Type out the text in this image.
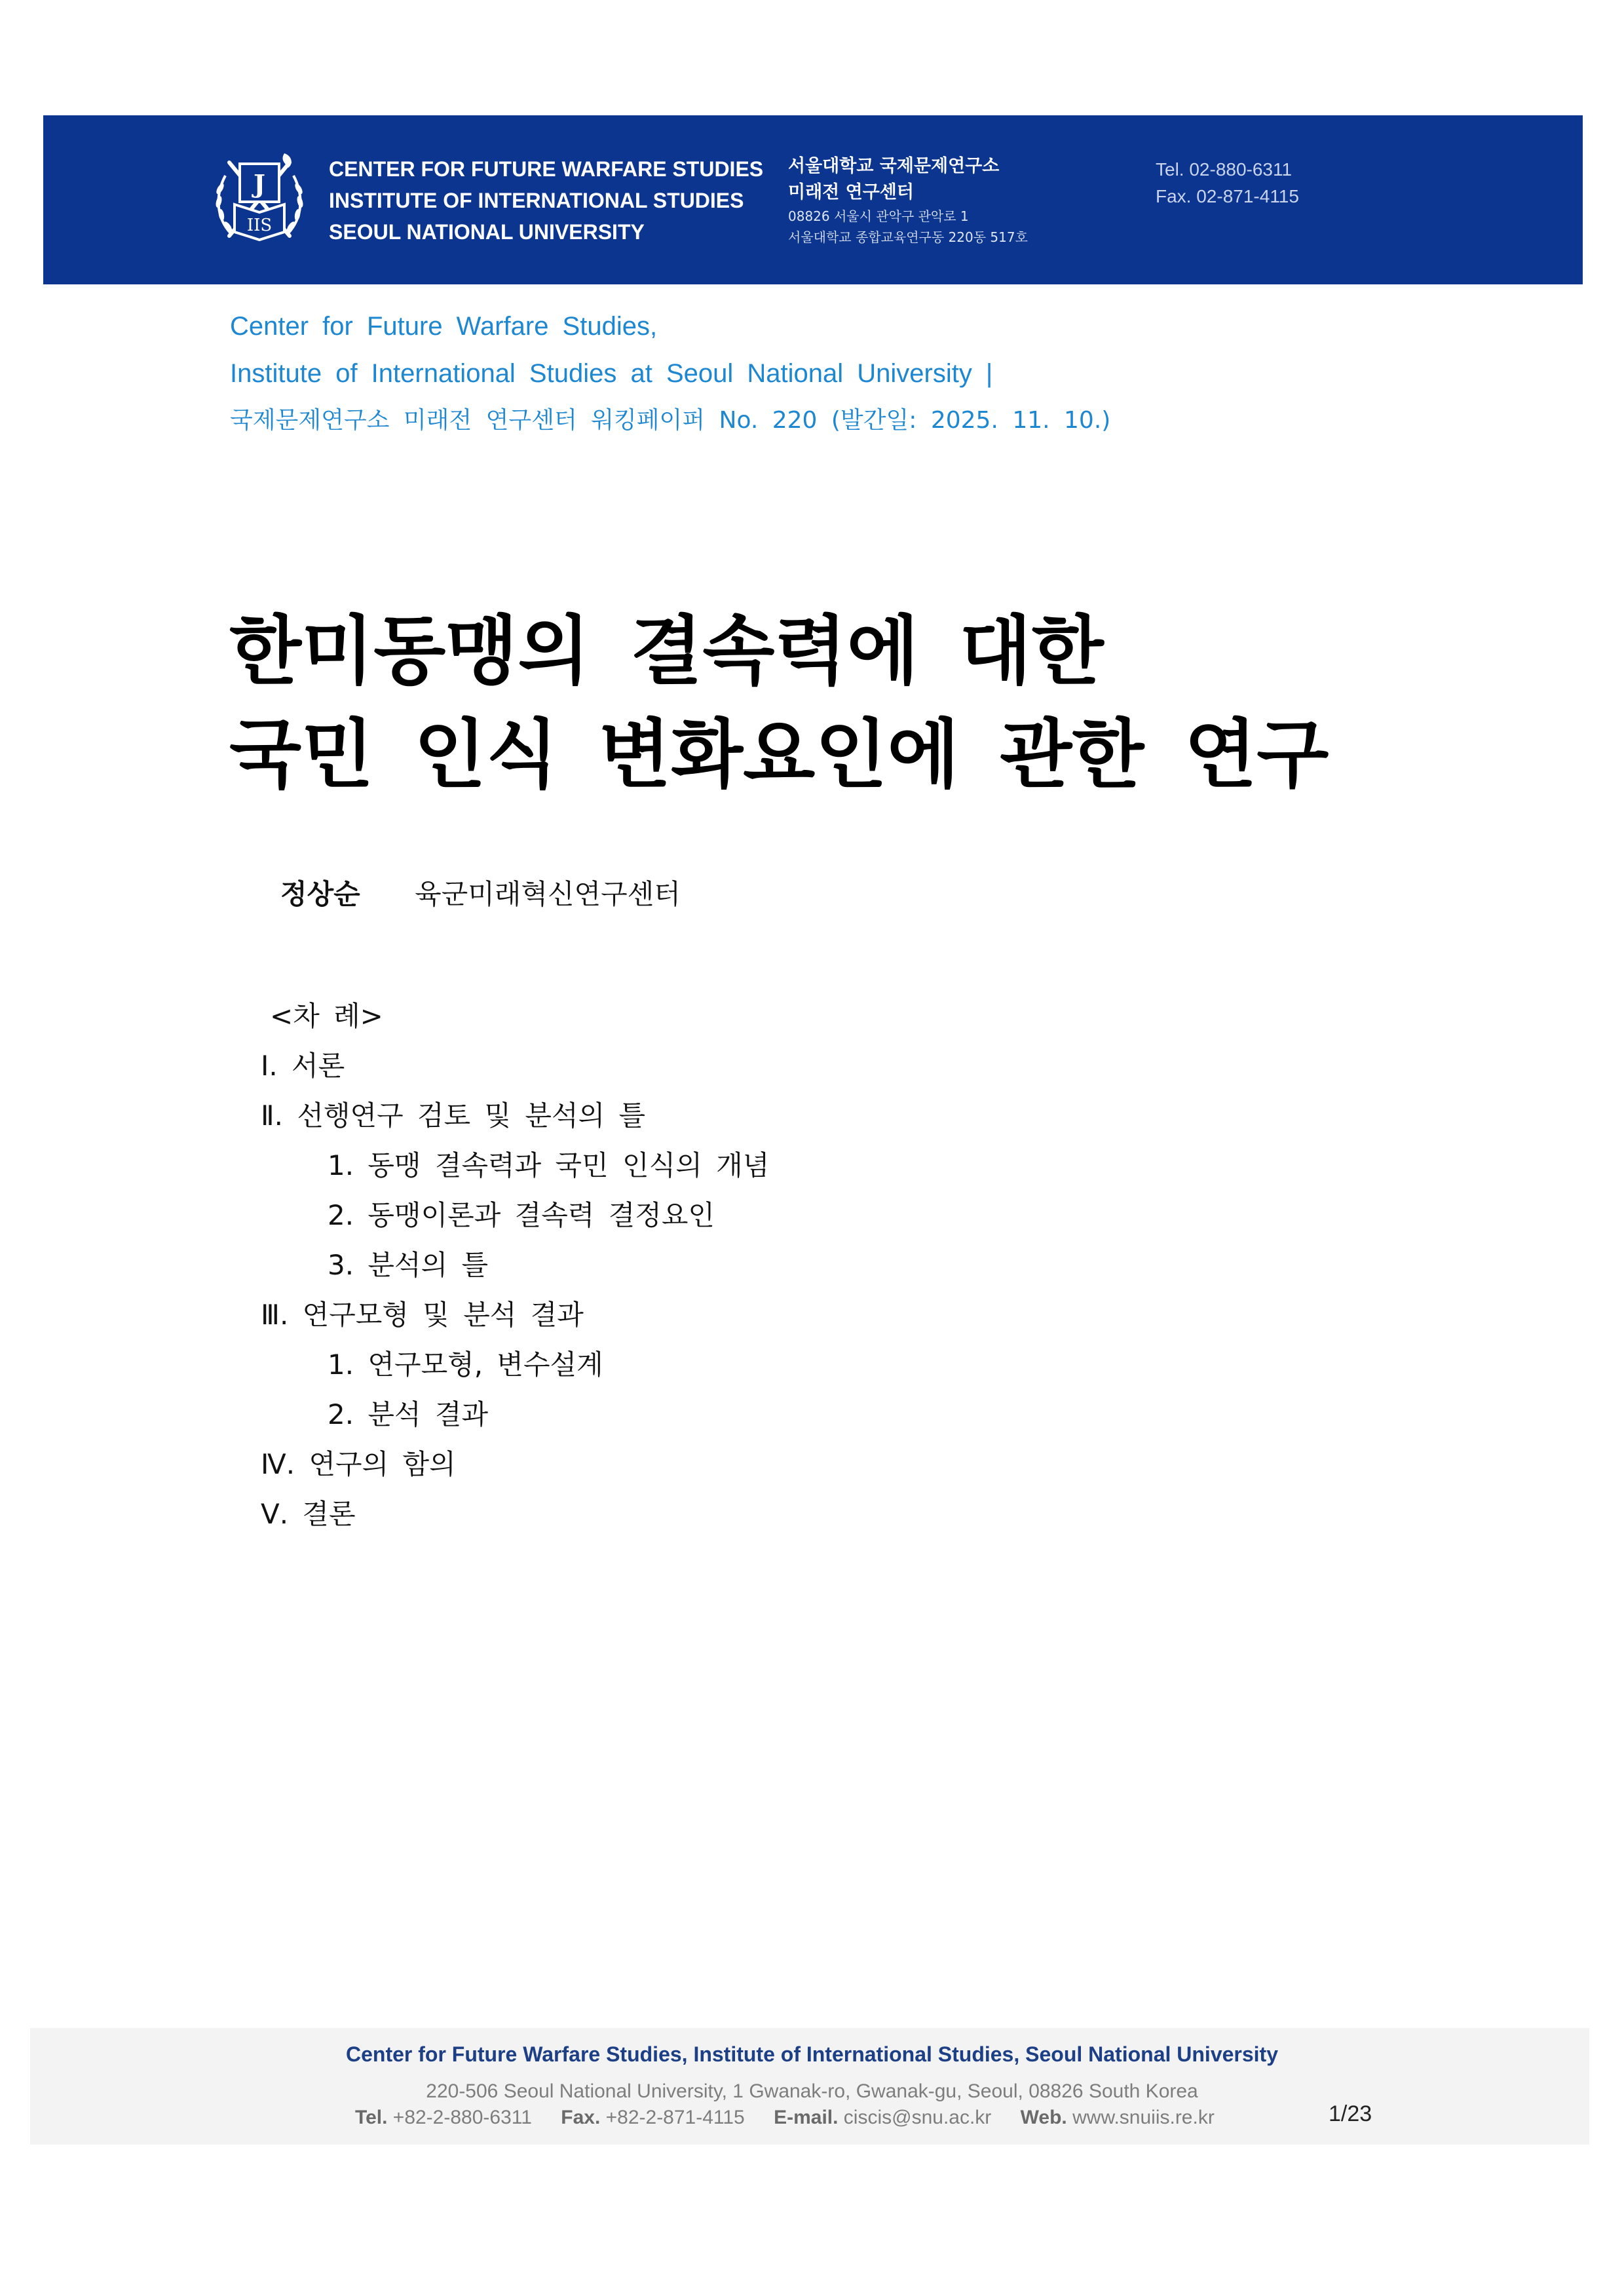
J
IIS
CENTER FOR FUTURE WARFARE STUDIES
INSTITUTE OF INTERNATIONAL STUDIES
SEOUL NATIONAL UNIVERSITY
서울대학교 국제문제연구소
미래전 연구센터
08826 서울시 관악구 관악로 1
서울대학교 종합교육연구동 220동 517호
Tel. 02-880-6311
Fax. 02-871-4115
Center for Future Warfare Studies,
Institute of International Studies at Seoul National University |
국제문제연구소 미래전 연구센터 워킹페이퍼 No. 220 (발간일: 2025. 11. 10.)
한미동맹의 결속력에 대한
국민 인식 변화요인에 관한 연구
정상순 육군미래혁신연구센터
<차 례>
Ⅰ. 서론
Ⅱ. 선행연구 검토 및 분석의 틀
1. 동맹 결속력과 국민 인식의 개념
2. 동맹이론과 결속력 결정요인
3. 분석의 틀
Ⅲ. 연구모형 및 분석 결과
1. 연구모형, 변수설계
2. 분석 결과
Ⅳ. 연구의 함의
Ⅴ. 결론
Center for Future Warfare Studies, Institute of International Studies, Seoul National University
220-506 Seoul National University, 1 Gwanak-ro, Gwanak-gu, Seoul, 08826 South Korea
Tel. +82-2-880-6311 Fax. +82-2-871-4115 E-mail. ciscis@snu.ac.kr Web. www.snuiis.re.kr	1/23
